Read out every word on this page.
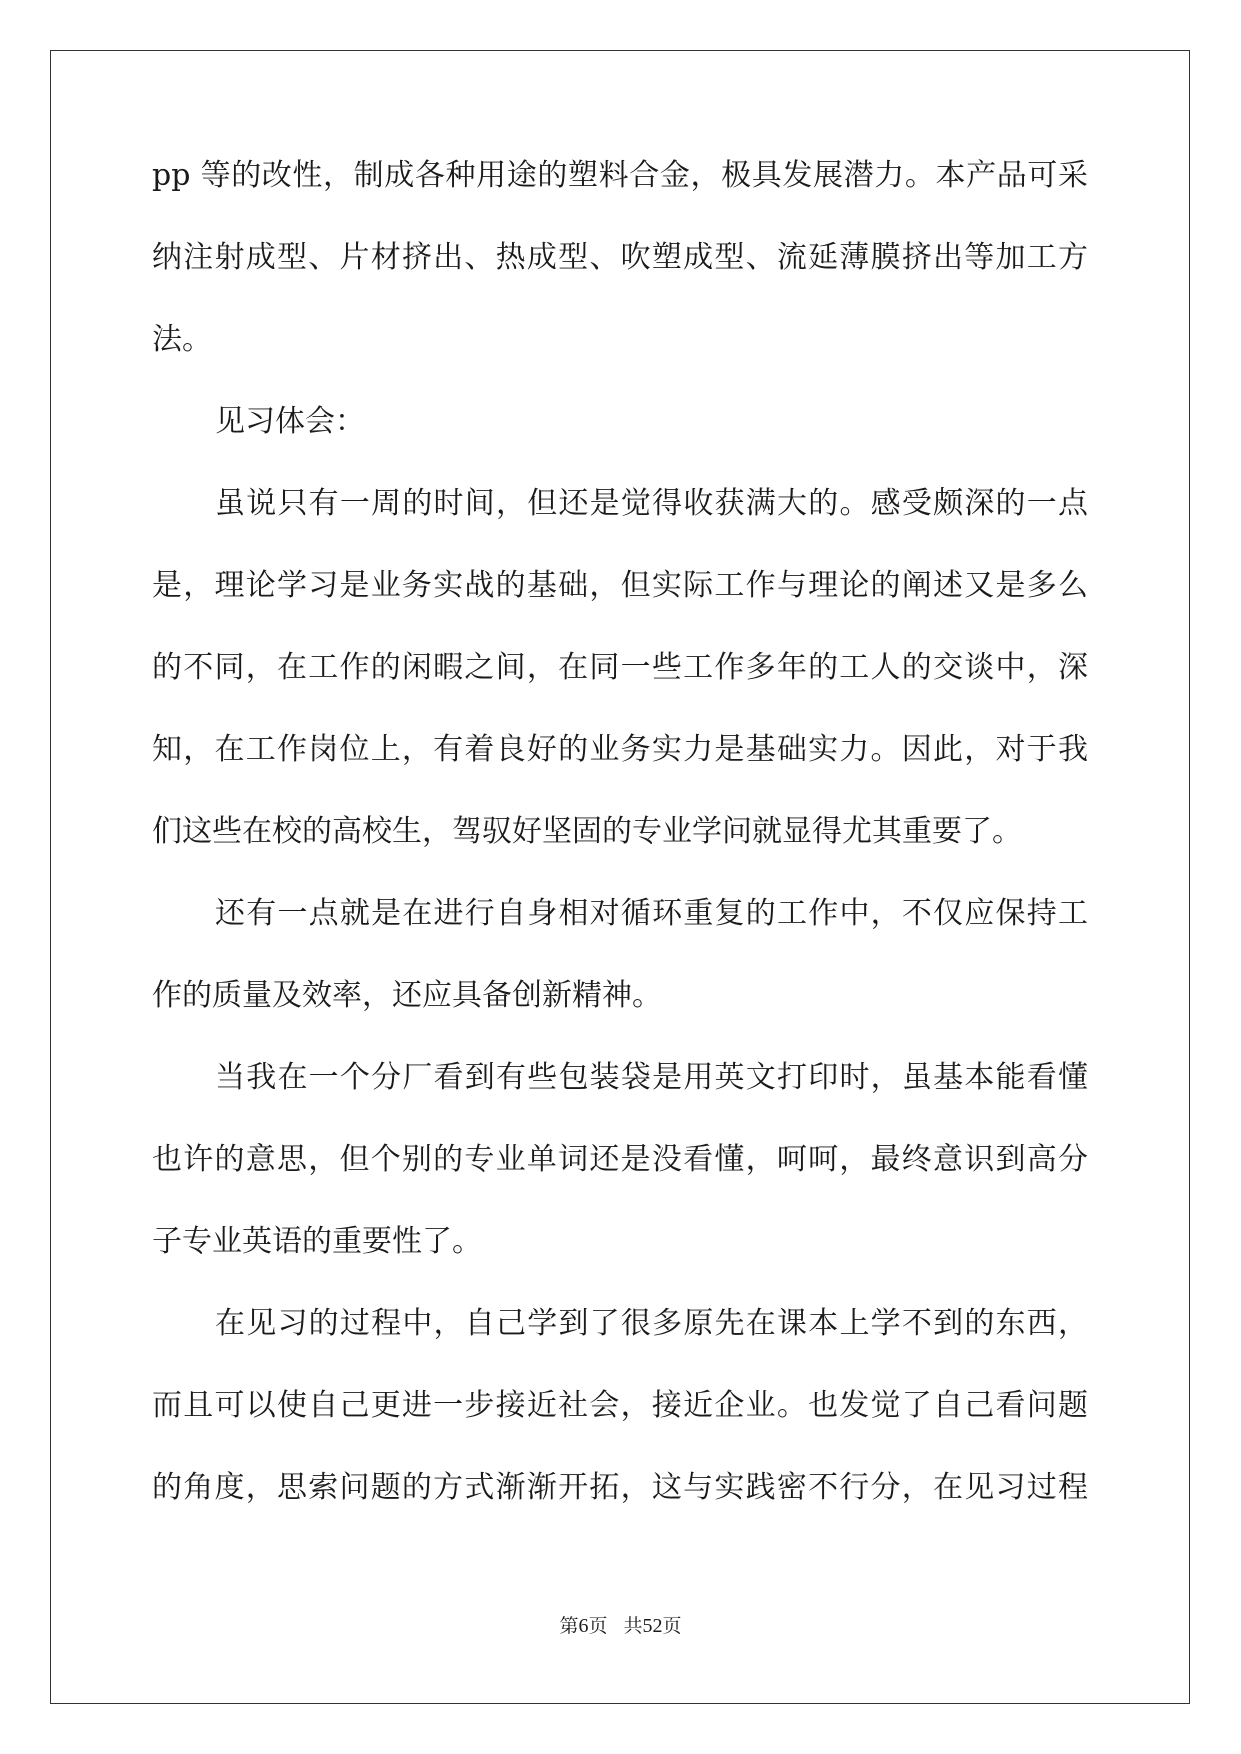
pp 等的改性，制成各种用途的塑料合金，极具发展潜力。本产品可采
纳注射成型、片材挤出、热成型、吹塑成型、流延薄膜挤出等加工方
法。
见习体会：
虽说只有一周的时间，但还是觉得收获满大的。感受颇深的一点
是，理论学习是业务实战的基础，但实际工作与理论的阐述又是多么
的不同，在工作的闲暇之间，在同一些工作多年的工人的交谈中，深
知，在工作岗位上，有着良好的业务实力是基础实力。因此，对于我
们这些在校的高校生，驾驭好坚固的专业学问就显得尤其重要了。
还有一点就是在进行自身相对循环重复的工作中，不仅应保持工
作的质量及效率，还应具备创新精神。
当我在一个分厂看到有些包装袋是用英文打印时，虽基本能看懂
也许的意思，但个别的专业单词还是没看懂，呵呵，最终意识到高分
子专业英语的重要性了。
在见习的过程中，自己学到了很多原先在课本上学不到的东西，
而且可以使自己更进一步接近社会，接近企业。也发觉了自己看问题
的角度，思索问题的方式渐渐开拓，这与实践密不行分，在见习过程
第6页 共52页
